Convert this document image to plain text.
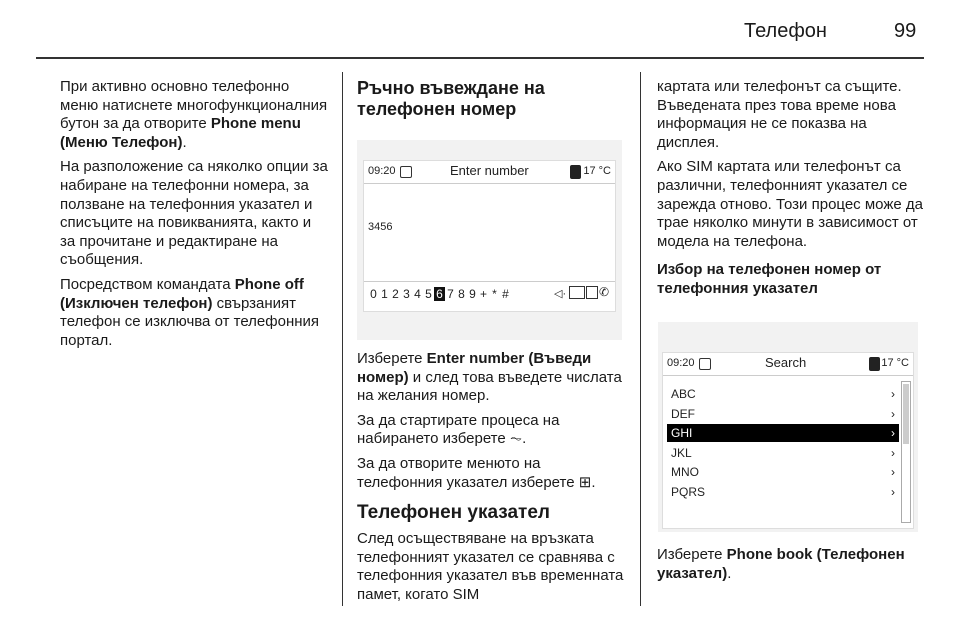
Телефон	99

При активно основно телефонно меню натиснете многофункционалния бутон за да отворите Phone menu (Меню Телефон).

На разположение са няколко опции за набиране на телефонни номера, за ползване на телефонния указател и списъците на повикванията, както и за прочитане и редактиране на съобщения.

Посредством командата Phone off (Изключен телефон) свързаният телефон се изключва от телефонния портал.

Ръчно въвеждане на телефонен номер

09:20	Enter number	17 °C
3456
0 1 2 3 4 5 6 7 8 9 + * #	◁·	✆

Изберете Enter number (Въведи номер) и след това въведете числата на желания номер.

За да стартирате процеса на набирането изберете ⏦.

За да отворите менюто на телефонния указател изберете ⊞.

Телефонен указател

След осъществяване на връзката телефонният указател се сравнява с телефонния указател във временната памет, когато SIM

картата или телефонът са същите. Въведената през това време нова информация не се показва на дисплея.

Ако SIM картата или телефонът са различни, телефонният указател се зарежда отново. Този процес може да трае няколко минути в зависимост от модела на телефона.

Избор на телефонен номер от телефонния указател

09:20	Search	17 °C
ABC	›
DEF	›
GHI	›
JKL	›
MNO	›
PQRS	›

Изберете Phone book (Телефонен указател).
